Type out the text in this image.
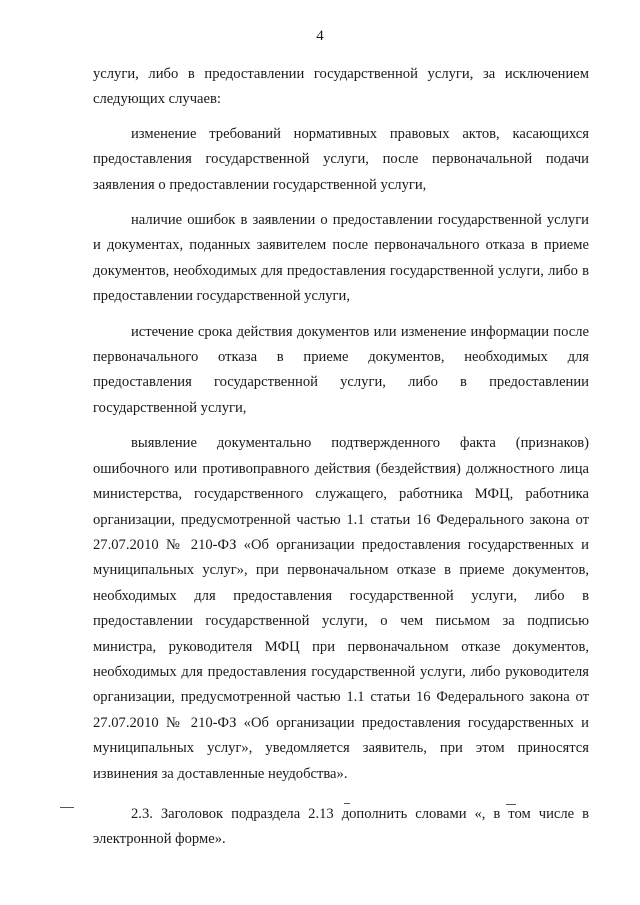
4

услуги, либо в предоставлении государственной услуги, за исключением следующих случаев:

изменение требований нормативных правовых актов, касающихся предоставления государственной услуги, после первоначальной подачи заявления о предоставлении государственной услуги,

наличие ошибок в заявлении о предоставлении государственной услуги и документах, поданных заявителем после первоначального отказа в приеме документов, необходимых для предоставления государственной услуги, либо в предоставлении государственной услуги,

истечение срока действия документов или изменение информации после первоначального отказа в приеме документов, необходимых для предоставления государственной услуги, либо в предоставлении государственной услуги,

выявление документально подтвержденного факта (признаков) ошибочного или противоправного действия (бездействия) должностного лица министерства, государственного служащего, работника МФЦ, работника организации, предусмотренной частью 1.1 статьи 16 Федерального закона от 27.07.2010 № 210-ФЗ «Об организации предоставления государственных и муниципальных услуг», при первоначальном отказе в приеме документов, необходимых для предоставления государственной услуги, либо в предоставлении государственной услуги, о чем письмом за подписью министра, руководителя МФЦ при первоначальном отказе документов, необходимых для предоставления государственной услуги, либо руководителя организации, предусмотренной частью 1.1 статьи 16 Федерального закона от 27.07.2010 № 210-ФЗ «Об организации предоставления государственных и муниципальных услуг», уведомляется заявитель, при этом приносятся извинения за доставленные неудобства».

2.3. Заголовок подраздела 2.13 дополнить словами «, в том числе в электронной форме».
